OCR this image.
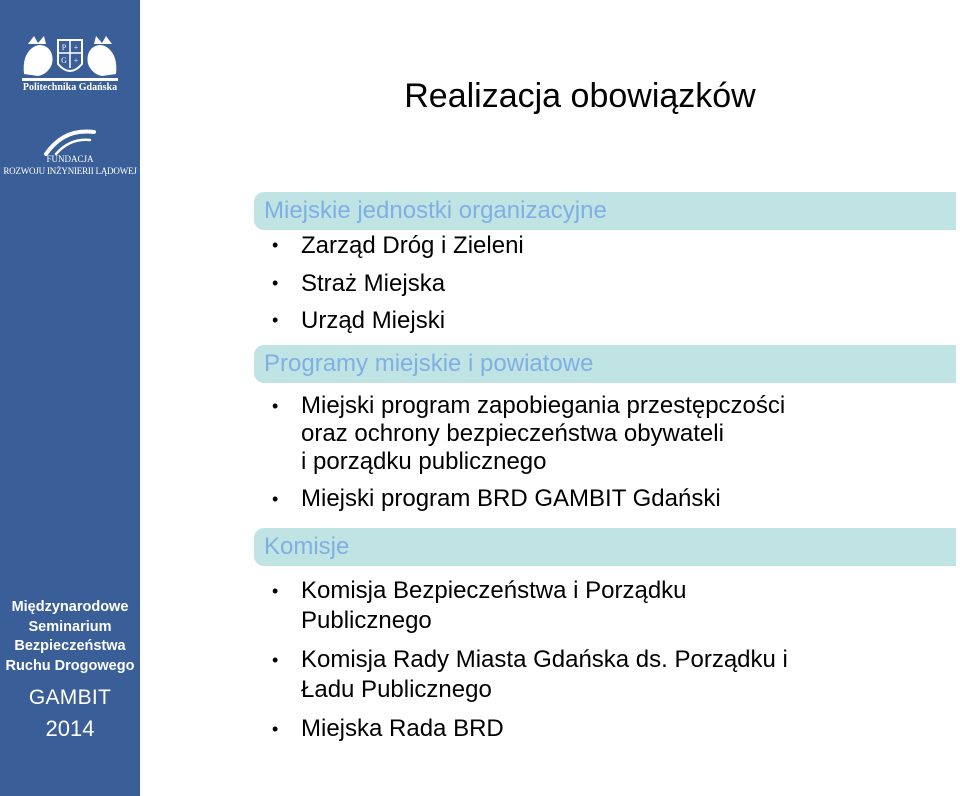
P +
G +
Politechnika Gdańska
FUNDACJA
ROZWOJU INŻYNIERII LĄDOWEJ
Międzynarodowe
Seminarium
Bezpieczeństwa
Ruchu Drogowego
GAMBIT
2014
Realizacja obowiązków
Miejskie jednostki organizacyjne
• Zarząd Dróg i Zieleni
• Straż Miejska
• Urząd Miejski
Programy miejskie i powiatowe
• Miejski program zapobiegania przestępczości
oraz ochrony bezpieczeństwa obywateli
i porządku publicznego
• Miejski program BRD GAMBIT Gdański
Komisje
• Komisja Bezpieczeństwa i Porządku
Publicznego
• Komisja Rady Miasta Gdańska ds. Porządku i
Ładu Publicznego
• Miejska Rada BRD
